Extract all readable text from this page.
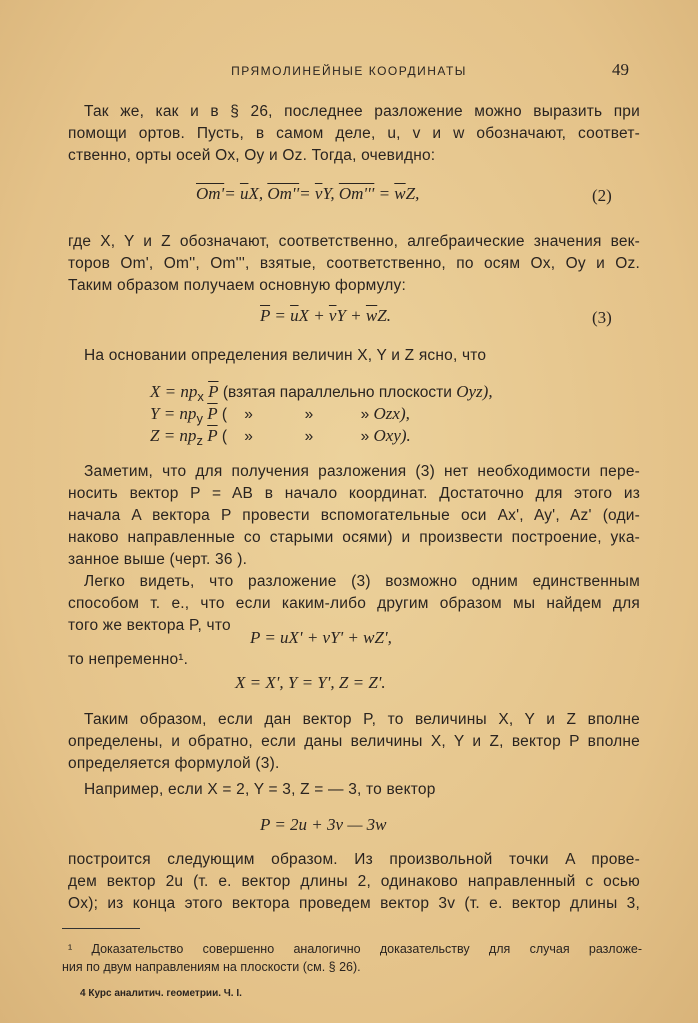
ПРЯМОЛИНЕЙНЫЕ КООРДИНАТЫ	49
Так же, как и в § 26, последнее разложение можно выразить при
помощи ортов. Пусть, в самом деле, u, v и w обозначают, соответ-
ственно, орты осей Ox, Oy и Oz. Тогда, очевидно:
$Om'= \overline{u}X$, $Om''= \overline{v}Y$, $Om''' = \overline{w}Z$,	(2)
где X, Y и Z обозначают, соответственно, алгебраические значения век-
торов Om', Om'', Om''', взятые, соответственно, по осям Ox, Oy и Oz.
Таким образом получаем основную формулу:
$\overline{P} = \overline{u}X + \overline{v}Y + \overline{w}Z$.	(3)
На основании определения величин X, Y и Z ясно, что
$X = пр_x$ $\overline{P}$ (взятая параллельно плоскости Oyz),
$Y = пр_y$ $\overline{P}$ (    »            »           » Ozx),
$Z = пр_z$ $\overline{P}$ (    »            »           » Oxy).
Заметим, что для получения разложения (3) нет необходимости пере-
носить вектор P = AB в начало координат. Достаточно для этого из
начала A вектора P провести вспомогательные оси Ax', Ay', Az' (оди-
наково направленные со старыми осями) и произвести построение, ука-
занное выше (черт. 36 ).
Легко видеть, что разложение (3) возможно одним единственным
способом т. е., что если каким-либо другим образом мы найдем для
того же вектора P, что
P = uX' + vY' + wZ',
то непременно¹.
X = X', Y = Y', Z = Z'.
Таким образом, если дан вектор P, то величины X, Y и Z вполне
определены, и обратно, если даны величины X, Y и Z, вектор P вполне
определяется формулой (3).
Например, если X = 2, Y = 3, Z = — 3, то вектор
P = 2u + 3v — 3w
построится следующим образом. Из произвольной точки A прове-
дем вектор 2u (т. е. вектор длины 2, одинаково направленный с осью
Ox); из конца этого вектора проведем вектор 3v (т. е. вектор длины 3,
¹ Доказательство совершенно аналогично доказательству для случая разложе-
ния по двум направлениям на плоскости (см. § 26).
4 Курс аналитич. геометрии. Ч. I.
